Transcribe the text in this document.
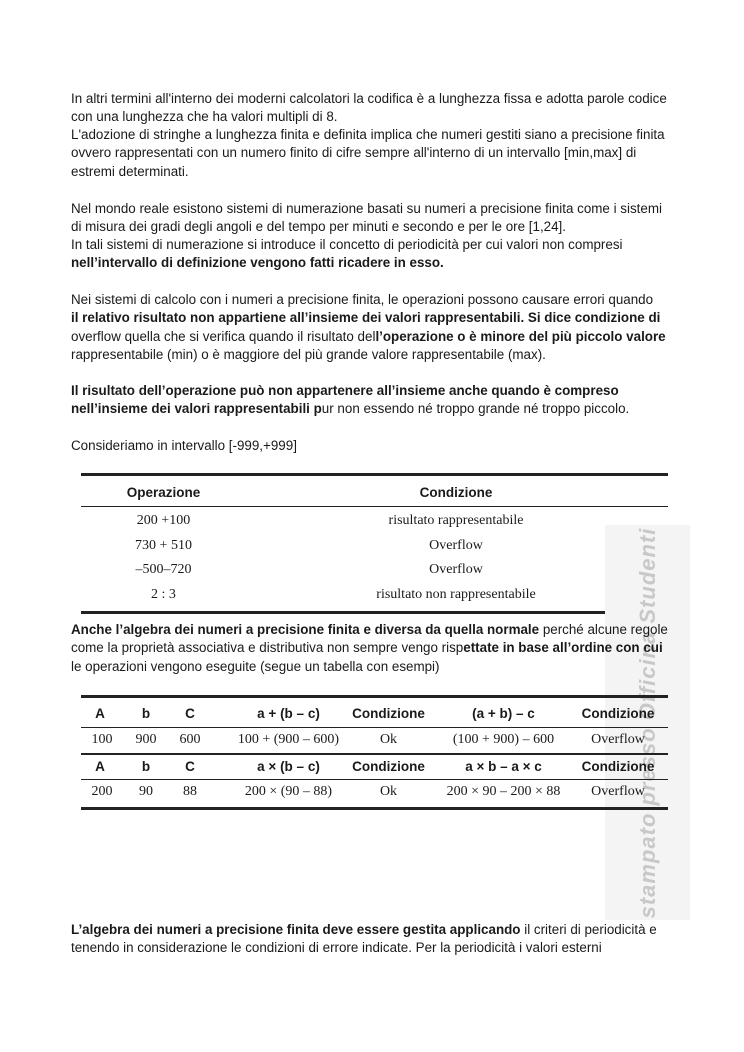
In altri termini all'interno dei moderni calcolatori la codifica è a lunghezza fissa e adotta parole codice con una lunghezza che ha valori multipli di 8.

L'adozione di stringhe a lunghezza finita e definita implica che numeri gestiti siano a precisione finita ovvero rappresentati con un numero finito di cifre sempre all'interno di un intervallo [min,max] di estremi determinati.

Nel mondo reale esistono sistemi di numerazione basati su numeri a precisione finita come i sistemi di misura dei gradi degli angoli e del tempo per minuti e secondo e per le ore [1,24].

In tali sistemi di numerazione si introduce il concetto di periodicità per cui valori non compresi
nell’intervallo di definizione vengono fatti ricadere in esso.

Nei sistemi di calcolo con i numeri a precisione finita, le operazioni possono causare errori quando
il relativo risultato non appartiene all’insieme dei valori rappresentabili. Si dice condizione di
overflow quella che si verifica quando il risultato dell’operazione o è minore del più piccolo valore
rappresentabile (min) o è maggiore del più grande valore rappresentabile (max).

Il risultato dell’operazione può non appartenere all’insieme anche quando è compreso
nell’insieme dei valori rappresentabili pur non essendo né troppo grande né troppo piccolo.

Consideriamo in intervallo [-999,+999]

Operazione	Condizione
200 +100	risultato rappresentabile
730 + 510	Overflow
–500–720	Overflow
2 : 3	risultato non rappresentabile	stampato presso Officina Studenti

Anche l’algebra dei numeri a precisione finita e diversa da quella normale perché alcune regole come la proprietà associativa e distributiva non sempre vengo rispettate in base all’ordine con cui
le operazioni vengono eseguite (segue un tabella con esempi)

A	b	C	a + (b – c)	Condizione	(a + b) – c	Condizione
100	900	600	100 + (900 – 600)	Ok	(100 + 900) – 600	Overflow
A	b	C	a × (b – c)	Condizione	a × b – a × c	Condizione
200	90	88	200 × (90 – 88)	Ok	200 × 90 – 200 × 88	Overflow

L’algebra dei numeri a precisione finita deve essere gestita applicando il criteri di periodicità e
tenendo in considerazione le condizioni di errore indicate. Per la periodicità i valori esterni
